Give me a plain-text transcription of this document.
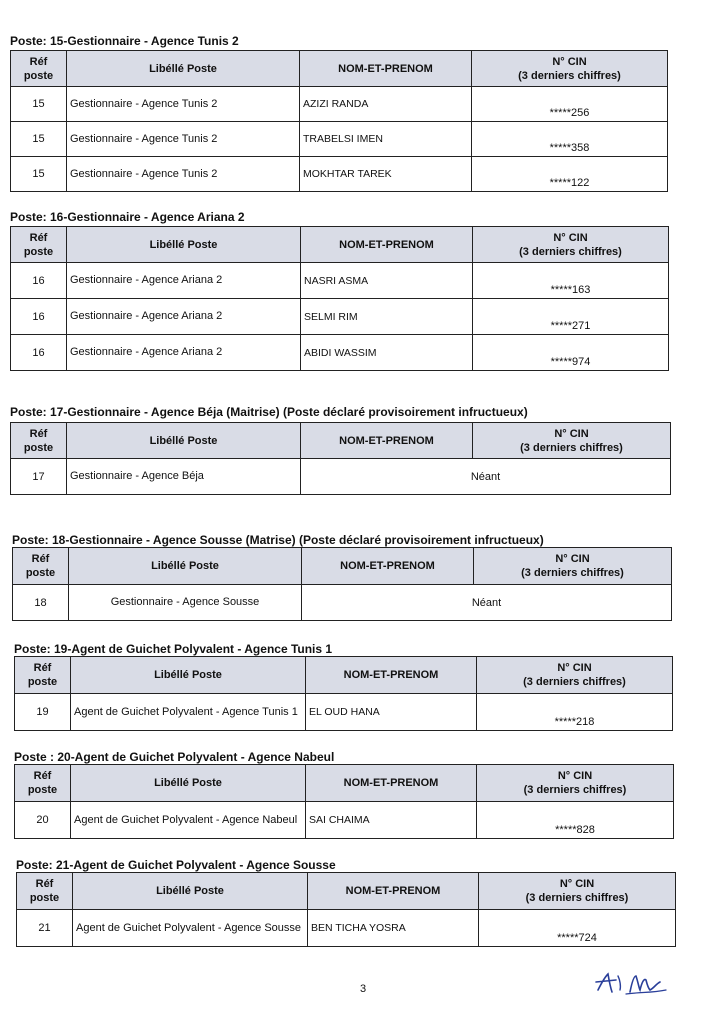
Poste: 15-Gestionnaire - Agence Tunis 2
Réf poste	Libéllé Poste	NOM-ET-PRENOM	N° CIN
(3 derniers chiffres)
15	Gestionnaire - Agence Tunis 2	AZIZI RANDA	*****256
15	Gestionnaire - Agence Tunis 2	TRABELSI IMEN	*****358
15	Gestionnaire - Agence Tunis 2	MOKHTAR TAREK	*****122
Poste: 16-Gestionnaire - Agence Ariana 2
Réf poste	Libéllé Poste	NOM-ET-PRENOM	N° CIN
(3 derniers chiffres)
16	Gestionnaire - Agence Ariana 2	NASRI ASMA	*****163
16	Gestionnaire - Agence Ariana 2	SELMI RIM	*****271
16	Gestionnaire - Agence Ariana 2	ABIDI WASSIM	*****974
Poste: 17-Gestionnaire - Agence Béja (Maitrise) (Poste déclaré provisoirement infructueux)
Réf poste	Libéllé Poste	NOM-ET-PRENOM	N° CIN
(3 derniers chiffres)
17	Gestionnaire - Agence Béja	Néant	
Poste: 18-Gestionnaire - Agence Sousse (Matrise) (Poste déclaré provisoirement infructueux)
Réf poste	Libéllé Poste	NOM-ET-PRENOM	N° CIN
(3 derniers chiffres)
18	Gestionnaire - Agence Sousse	Néant	
Poste: 19-Agent de Guichet Polyvalent - Agence Tunis 1
Réf poste	Libéllé Poste	NOM-ET-PRENOM	N° CIN
(3 derniers chiffres)
19	Agent de Guichet Polyvalent - Agence Tunis 1	EL OUD HANA	*****218
Poste : 20-Agent de Guichet Polyvalent - Agence Nabeul
Réf poste	Libéllé Poste	NOM-ET-PRENOM	N° CIN
(3 derniers chiffres)
20	Agent de Guichet Polyvalent - Agence Nabeul	SAI CHAIMA	*****828
Poste: 21-Agent de Guichet Polyvalent - Agence Sousse
Réf poste	Libéllé Poste	NOM-ET-PRENOM	N° CIN
(3 derniers chiffres)
21	Agent de Guichet Polyvalent - Agence Sousse	BEN TICHA YOSRA	*****724
3
